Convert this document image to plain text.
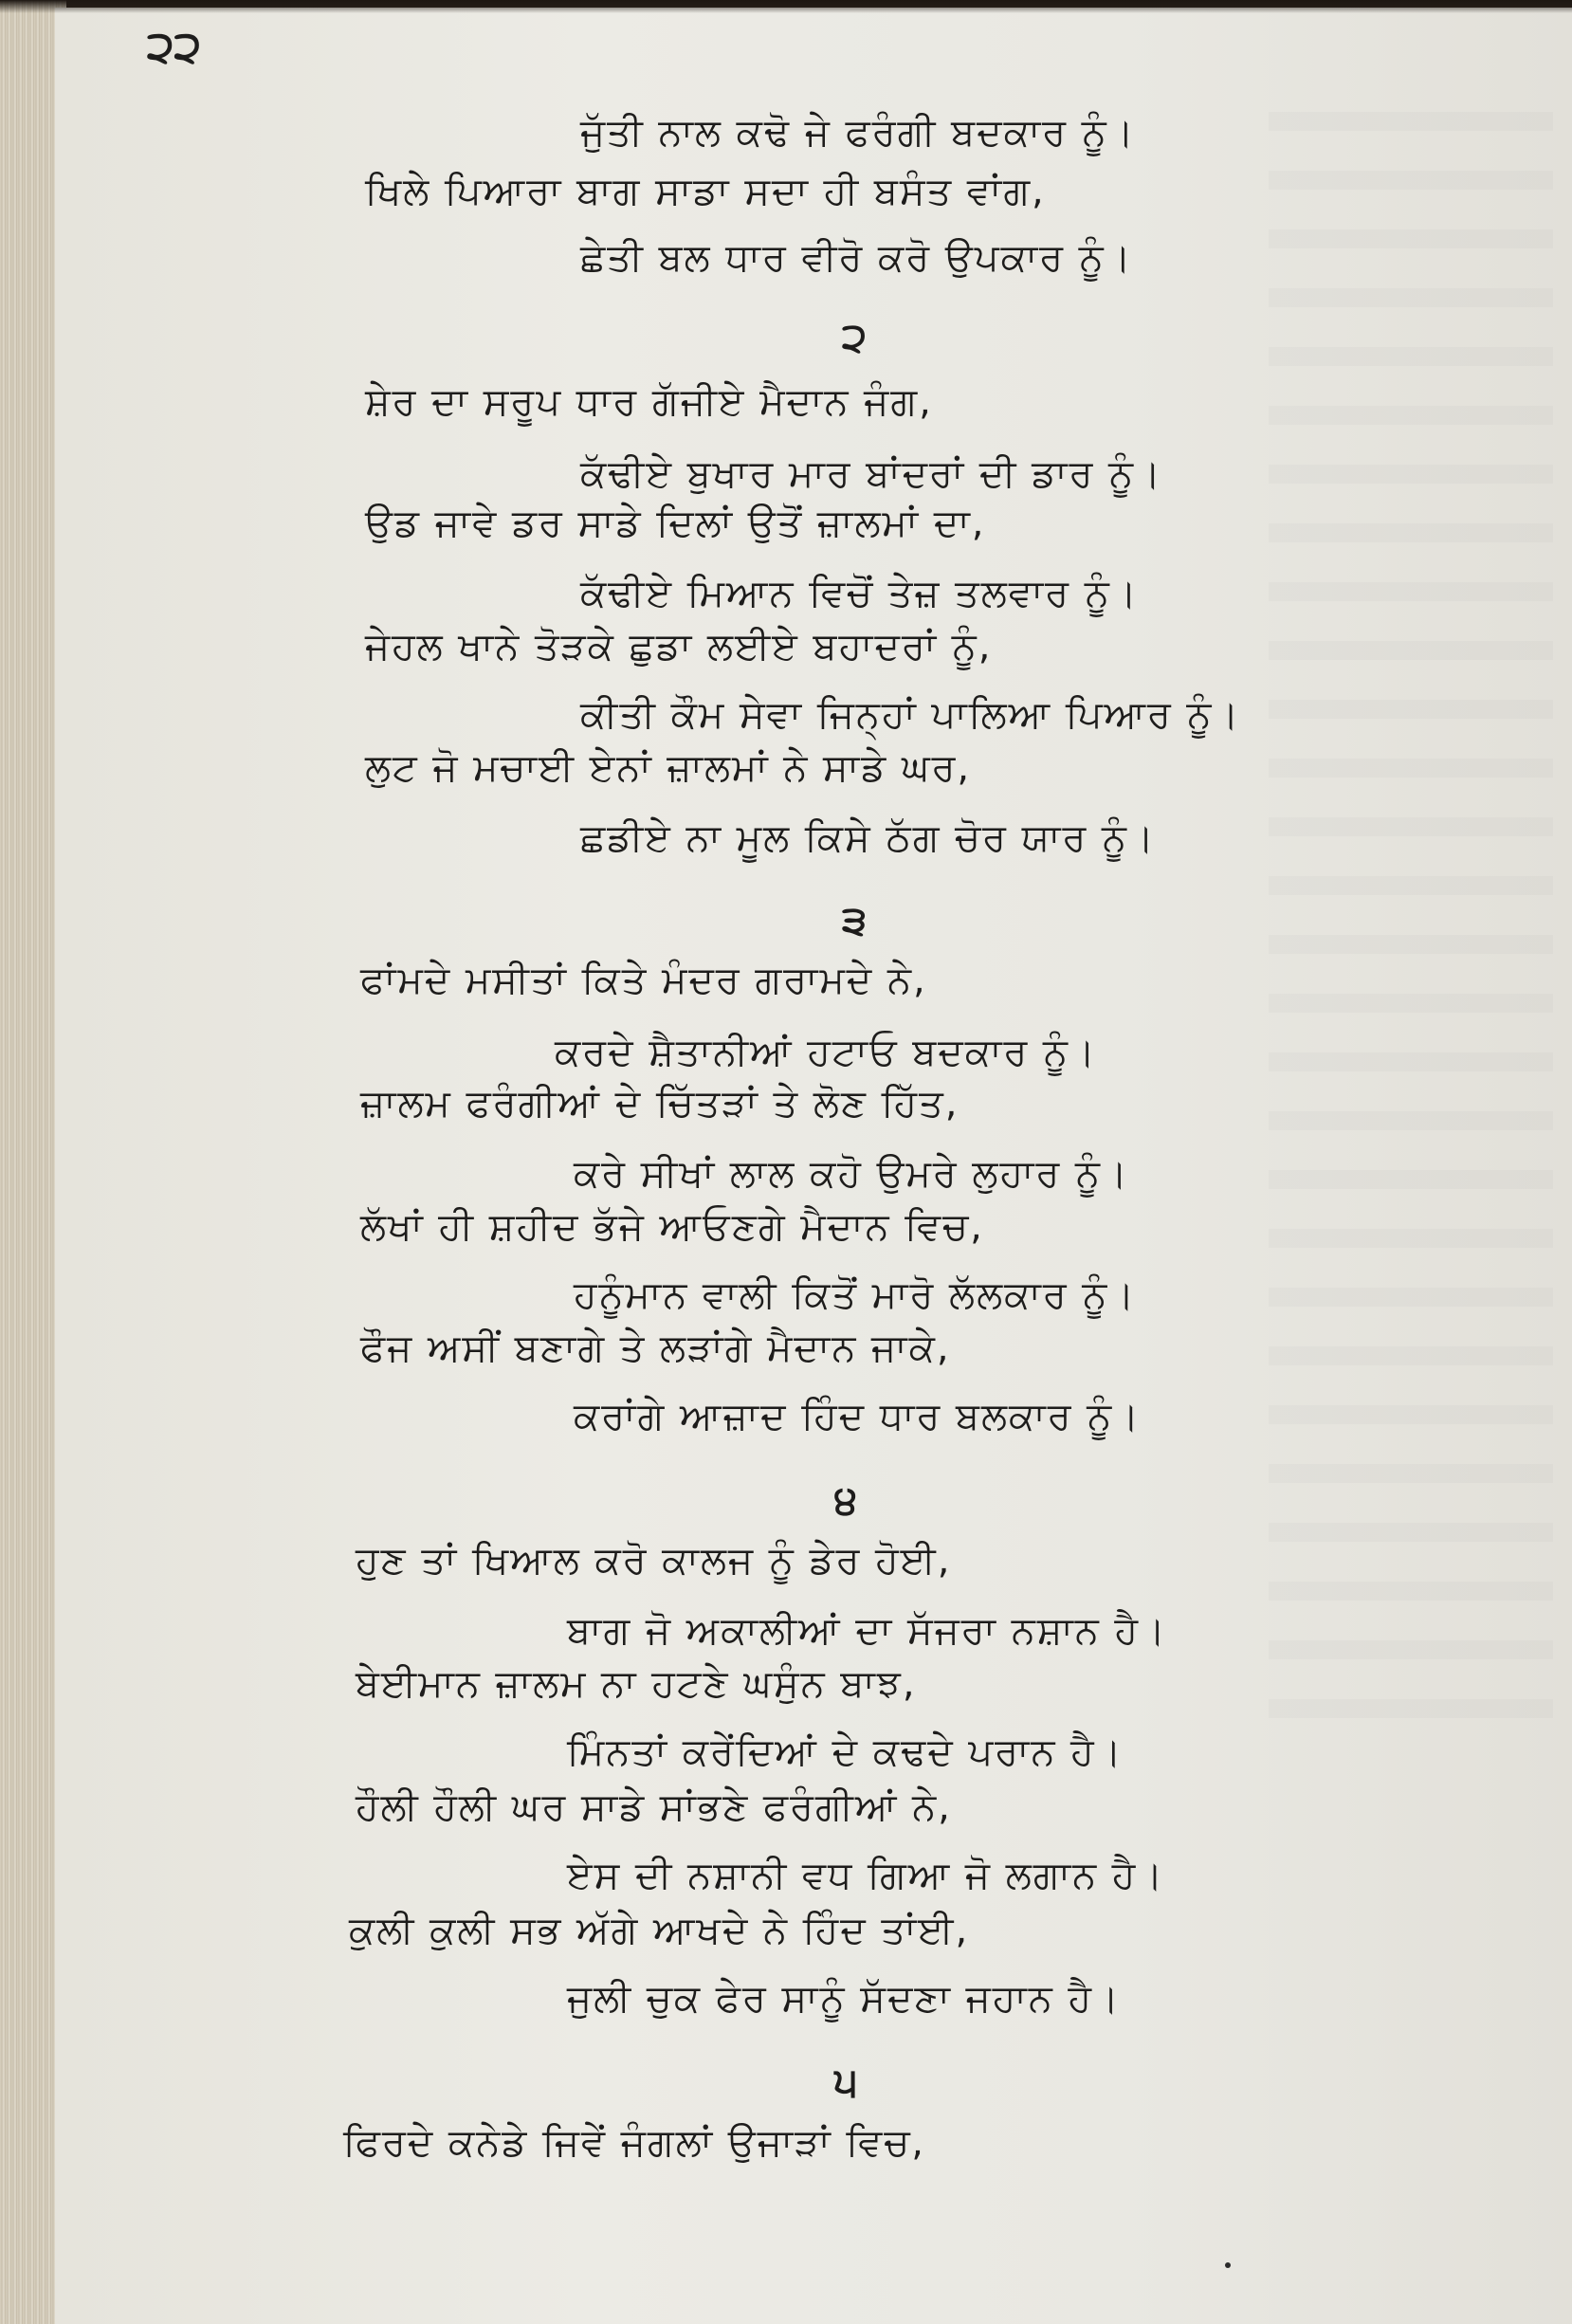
੨੨
ਜੁੱਤੀ ਨਾਲ ਕਢੋ ਜੇ ਫਰੰਗੀ ਬਦਕਾਰ ਨੂੰ।
ਖਿਲੇ ਪਿਆਰਾ ਬਾਗ ਸਾਡਾ ਸਦਾ ਹੀ ਬਸੰਤ ਵਾਂਗ,
ਛੇਤੀ ਬਲ ਧਾਰ ਵੀਰੋ ਕਰੋ ਉਪਕਾਰ ਨੂੰ।
੨
ਸ਼ੇਰ ਦਾ ਸਰੂਪ ਧਾਰ ਗੱਜੀਏ ਮੈਦਾਨ ਜੰਗ,
ਕੱਢੀਏ ਬੁਖਾਰ ਮਾਰ ਬਾਂਦਰਾਂ ਦੀ ਡਾਰ ਨੂੰ।
ਉਡ ਜਾਵੇ ਡਰ ਸਾਡੇ ਦਿਲਾਂ ਉਤੋਂ ਜ਼ਾਲਮਾਂ ਦਾ,
ਕੱਢੀਏ ਮਿਆਨ ਵਿਚੋਂ ਤੇਜ਼ ਤਲਵਾਰ ਨੂੰ।
ਜੇਹਲ ਖਾਨੇ ਤੋੜਕੇ ਛੁਡਾ ਲਈਏ ਬਹਾਦਰਾਂ ਨੂੰ,
ਕੀਤੀ ਕੌਮ ਸੇਵਾ ਜਿਨ੍ਹਾਂ ਪਾਲਿਆ ਪਿਆਰ ਨੂੰ।
ਲੁਟ ਜੋ ਮਚਾਈ ਏਨਾਂ ਜ਼ਾਲਮਾਂ ਨੇ ਸਾਡੇ ਘਰ,
ਛਡੀਏ ਨਾ ਮੂਲ ਕਿਸੇ ਠੱਗ ਚੋਰ ਯਾਰ ਨੂੰ।
੩
ਫਾਂਮਦੇ ਮਸੀਤਾਂ ਕਿਤੇ ਮੰਦਰ ਗਰਾਮਦੇ ਨੇ,
ਕਰਦੇ ਸ਼ੈਤਾਨੀਆਂ ਹਟਾਓ ਬਦਕਾਰ ਨੂੰ।
ਜ਼ਾਲਮ ਫਰੰਗੀਆਂ ਦੇ ਚਿੱਤੜਾਂ ਤੇ ਲੋਣ ਹਿੱਤ,
ਕਰੇ ਸੀਖਾਂ ਲਾਲ ਕਹੋ ਉਮਰੇ ਲੁਹਾਰ ਨੂੰ।
ਲੱਖਾਂ ਹੀ ਸ਼ਹੀਦ ਭੱਜੇ ਆਓਣਗੇ ਮੈਦਾਨ ਵਿਚ,
ਹਨੂੰਮਾਨ ਵਾਲੀ ਕਿਤੋਂ ਮਾਰੋ ਲੱਲਕਾਰ ਨੂੰ।
ਫੌਜ ਅਸੀਂ ਬਣਾਗੇ ਤੇ ਲੜਾਂਗੇ ਮੈਦਾਨ ਜਾਕੇ,
ਕਰਾਂਗੇ ਆਜ਼ਾਦ ਹਿੰਦ ਧਾਰ ਬਲਕਾਰ ਨੂੰ।
੪
ਹੁਣ ਤਾਂ ਖਿਆਲ ਕਰੋ ਕਾਲਜ ਨੂੰ ਡੇਰ ਹੋਈ,
ਬਾਗ ਜੋ ਅਕਾਲੀਆਂ ਦਾ ਸੱਜਰਾ ਨਸ਼ਾਨ ਹੈ।
ਬੇਈਮਾਨ ਜ਼ਾਲਮ ਨਾ ਹਟਣੇ ਘਸੁੰਨ ਬਾਝ,
ਮਿੰਨਤਾਂ ਕਰੇਂਦਿਆਂ ਦੇ ਕਢਦੇ ਪਰਾਨ ਹੈ।
ਹੌਲੀ ਹੌਲੀ ਘਰ ਸਾਡੇ ਸਾਂਭਣੇ ਫਰੰਗੀਆਂ ਨੇ,
ਏਸ ਦੀ ਨਸ਼ਾਨੀ ਵਧ ਗਿਆ ਜੋ ਲਗਾਨ ਹੈ।
ਕੁਲੀ ਕੁਲੀ ਸਭ ਅੱਗੇ ਆਖਦੇ ਨੇ ਹਿੰਦ ਤਾਂਈ,
ਜੁਲੀ ਚੁਕ ਫੇਰ ਸਾਨੂੰ ਸੱਦਣਾ ਜਹਾਨ ਹੈ।
੫
ਫਿਰਦੇ ਕਨੇਡੇ ਜਿਵੇਂ ਜੰਗਲਾਂ ਉਜਾੜਾਂ ਵਿਚ,
